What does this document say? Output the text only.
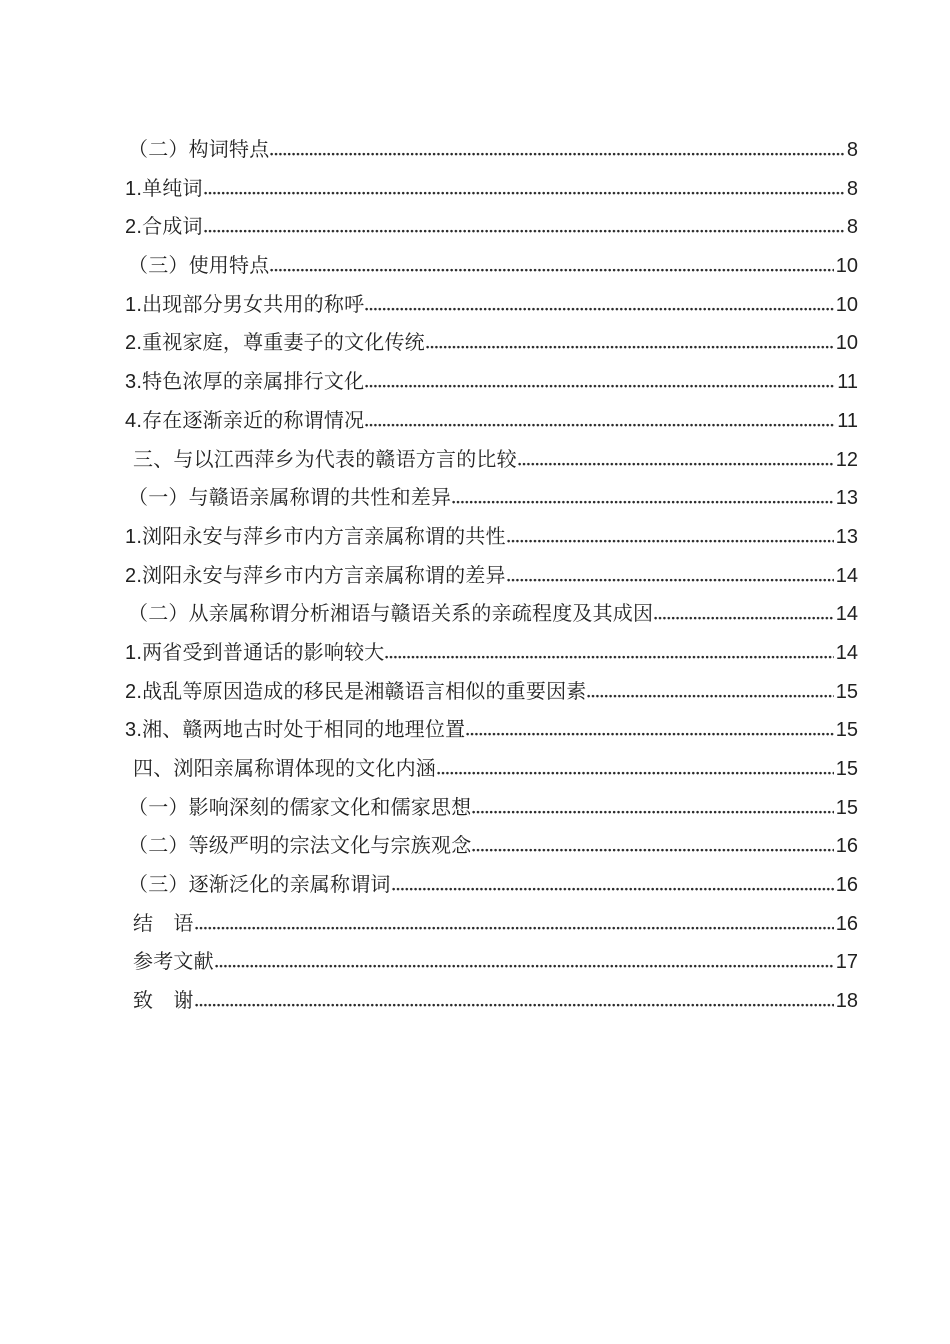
（二）构词特点	8
1.单纯词	8
2.合成词	8
（三）使用特点	10
1.出现部分男女共用的称呼	10
2.重视家庭，尊重妻子的文化传统	10
3.特色浓厚的亲属排行文化	11
4.存在逐渐亲近的称谓情况	11
三、与以江西萍乡为代表的赣语方言的比较	12
（一）与赣语亲属称谓的共性和差异	13
1.浏阳永安与萍乡市内方言亲属称谓的共性	13
2.浏阳永安与萍乡市内方言亲属称谓的差异	14
（二）从亲属称谓分析湘语与赣语关系的亲疏程度及其成因	14
1.两省受到普通话的影响较大	14
2.战乱等原因造成的移民是湘赣语言相似的重要因素	15
3.湘、赣两地古时处于相同的地理位置	15
四、浏阳亲属称谓体现的文化内涵	15
（一）影响深刻的儒家文化和儒家思想	15
（二）等级严明的宗法文化与宗族观念	16
（三）逐渐泛化的亲属称谓词	16
结　语	16
参考文献	17
致　谢	18
